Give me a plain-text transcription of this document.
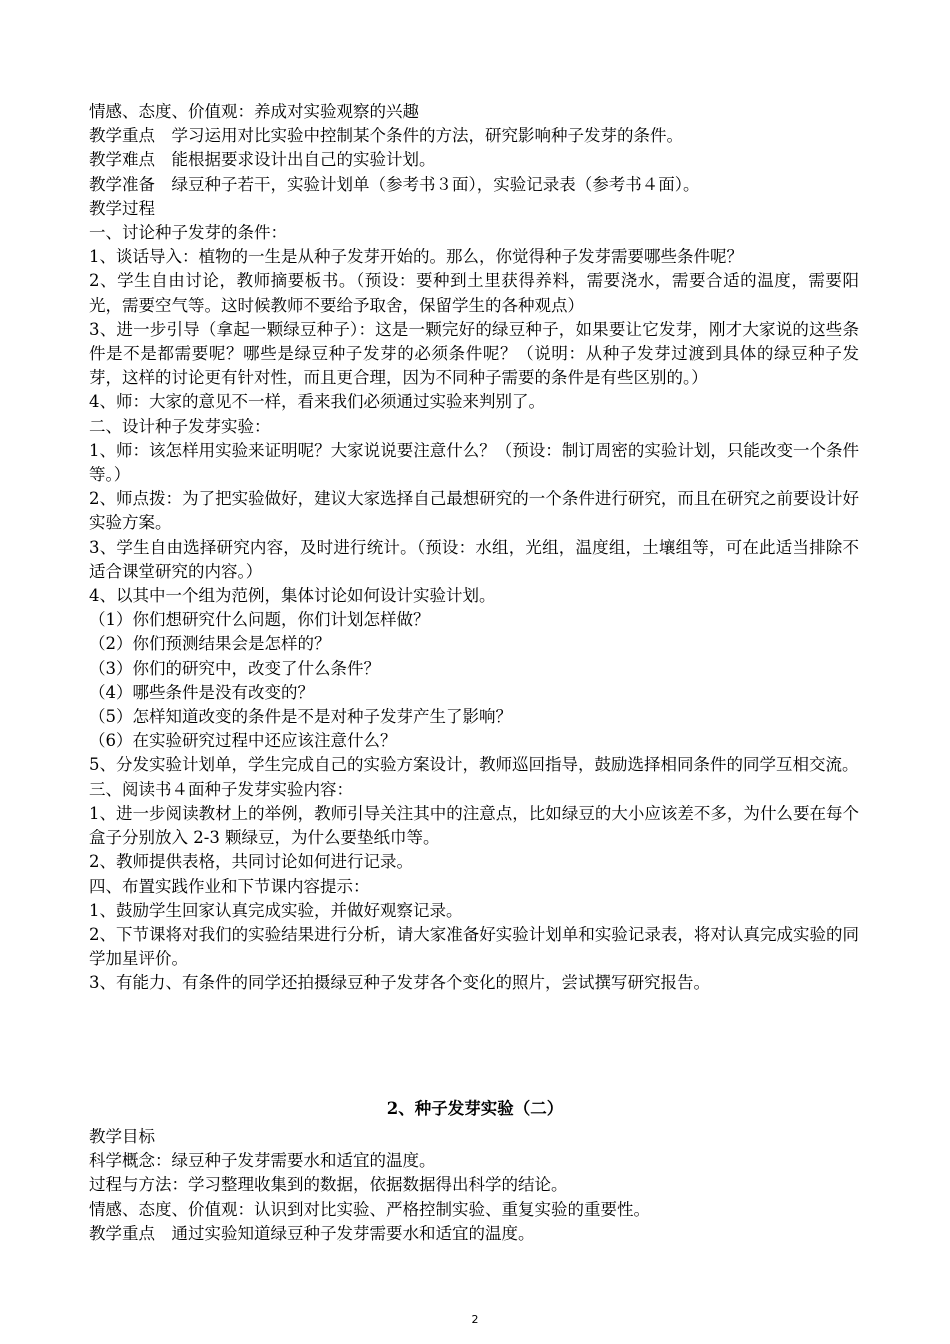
情感、态度、价值观：养成对实验观察的兴趣
教学重点　学习运用对比实验中控制某个条件的方法，研究影响种子发芽的条件。
教学难点　能根据要求设计出自己的实验计划。
教学准备　绿豆种子若干，实验计划单（参考书３面），实验记录表（参考书４面）。
教学过程
一、讨论种子发芽的条件：
1、谈话导入：植物的一生是从种子发芽开始的。那么，你觉得种子发芽需要哪些条件呢？

2、学生自由讨论，教师摘要板书。（预设：要种到土里获得养料，需要浇水，需要合适的温度，需要阳光，需要空气等。这时候教师不要给予取舍，保留学生的各种观点）

3、进一步引导（拿起一颗绿豆种子）：这是一颗完好的绿豆种子，如果要让它发芽，刚才大家说的这些条件是不是都需要呢？哪些是绿豆种子发芽的必须条件呢？（说明：从种子发芽过渡到具体的绿豆种子发芽，这样的讨论更有针对性，而且更合理，因为不同种子需要的条件是有些区别的。）

4、师：大家的意见不一样，看来我们必须通过实验来判别了。
二、设计种子发芽实验：

1、师：该怎样用实验来证明呢？大家说说要注意什么？（预设：制订周密的实验计划，只能改变一个条件等。）

2、师点拨：为了把实验做好，建议大家选择自己最想研究的一个条件进行研究，而且在研究之前要设计好实验方案。

3、学生自由选择研究内容，及时进行统计。（预设：水组，光组，温度组，土壤组等，可在此适当排除不适合课堂研究的内容。）

4、以其中一个组为范例，集体讨论如何设计实验计划。
（1）你们想研究什么问题，你们计划怎样做？
（2）你们预测结果会是怎样的？
（3）你们的研究中，改变了什么条件？
（4）哪些条件是没有改变的？
（5）怎样知道改变的条件是不是对种子发芽产生了影响？
（6）在实验研究过程中还应该注意什么？

5、分发实验计划单，学生完成自己的实验方案设计，教师巡回指导，鼓励选择相同条件的同学互相交流。

三、阅读书４面种子发芽实验内容：

1、进一步阅读教材上的举例，教师引导关注其中的注意点，比如绿豆的大小应该差不多，为什么要在每个盒子分别放入 2-3 颗绿豆，为什么要垫纸巾等。

2、教师提供表格，共同讨论如何进行记录。
四、布置实践作业和下节课内容提示：
1、鼓励学生回家认真完成实验，并做好观察记录。

2、下节课将对我们的实验结果进行分析，请大家准备好实验计划单和实验记录表，将对认真完成实验的同学加星评价。

3、有能力、有条件的同学还拍摄绿豆种子发芽各个变化的照片，尝试撰写研究报告。
2、种子发芽实验（二）
教学目标
科学概念：绿豆种子发芽需要水和适宜的温度。
过程与方法：学习整理收集到的数据，依据数据得出科学的结论。
情感、态度、价值观：认识到对比实验、严格控制实验、重复实验的重要性。
教学重点　通过实验知道绿豆种子发芽需要水和适宜的温度。
2
